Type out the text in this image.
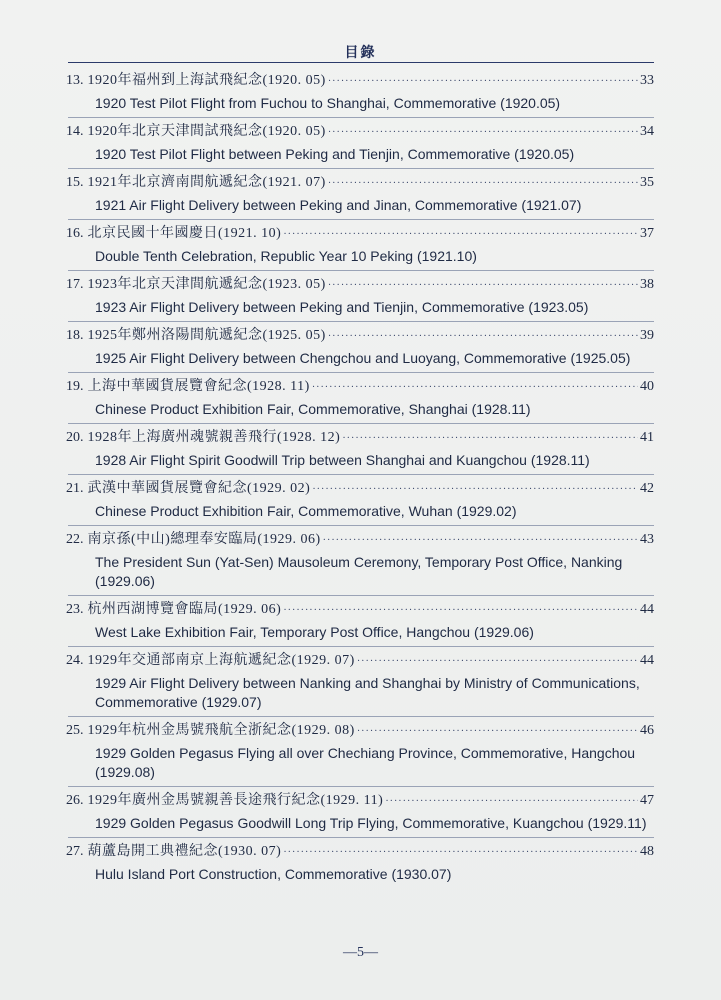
目錄
13. 1920年福州到上海試飛紀念(1920. 05) ·····	33
1920 Test Pilot Flight from Fuchou to Shanghai, Commemorative (1920.05)
14. 1920年北京天津間試飛紀念(1920. 05) ·····	34
1920 Test Pilot Flight between Peking and Tienjin, Commemorative (1920.05)
15. 1921年北京濟南間航遞紀念(1921. 07) ·····	35
1921 Air Flight Delivery between Peking and Jinan, Commemorative (1921.07)
16. 北京民國十年國慶日(1921. 10) ·····	37
Double Tenth Celebration, Republic Year 10 Peking (1921.10)
17. 1923年北京天津間航遞紀念(1923. 05) ·····	38
1923 Air Flight Delivery between Peking and Tienjin, Commemorative (1923.05)
18. 1925年鄭州洛陽間航遞紀念(1925. 05) ·····	39
1925 Air Flight Delivery between Chengchou and Luoyang, Commemorative (1925.05)
19. 上海中華國貨展覽會紀念(1928. 11) ·····	40
Chinese Product Exhibition Fair, Commemorative, Shanghai (1928.11)
20. 1928年上海廣州魂號親善飛行(1928. 12) ·····	41
1928 Air Flight Spirit Goodwill Trip between Shanghai and Kuangchou (1928.11)
21. 武漢中華國貨展覽會紀念(1929. 02) ·····	42
Chinese Product Exhibition Fair, Commemorative, Wuhan (1929.02)
22. 南京孫(中山)總理奉安臨局(1929. 06) ·····	43
The President Sun (Yat-Sen) Mausoleum Ceremony, Temporary Post Office, Nanking (1929.06)
23. 杭州西湖博覽會臨局(1929. 06) ·····	44
West Lake Exhibition Fair, Temporary Post Office, Hangchou (1929.06)
24. 1929年交通部南京上海航遞紀念(1929. 07) ·····	44
1929 Air Flight Delivery between Nanking and Shanghai by Ministry of Communications, Commemorative (1929.07)
25. 1929年杭州金馬號飛航全浙紀念(1929. 08) ·····	46
1929 Golden Pegasus Flying all over Chechiang Province, Commemorative, Hangchou (1929.08)
26. 1929年廣州金馬號親善長途飛行紀念(1929. 11) ·····	47
1929 Golden Pegasus Goodwill Long Trip Flying, Commemorative, Kuangchou (1929.11)
27. 葫蘆島開工典禮紀念(1930. 07) ·····	48
Hulu Island Port Construction, Commemorative (1930.07)
—5—
